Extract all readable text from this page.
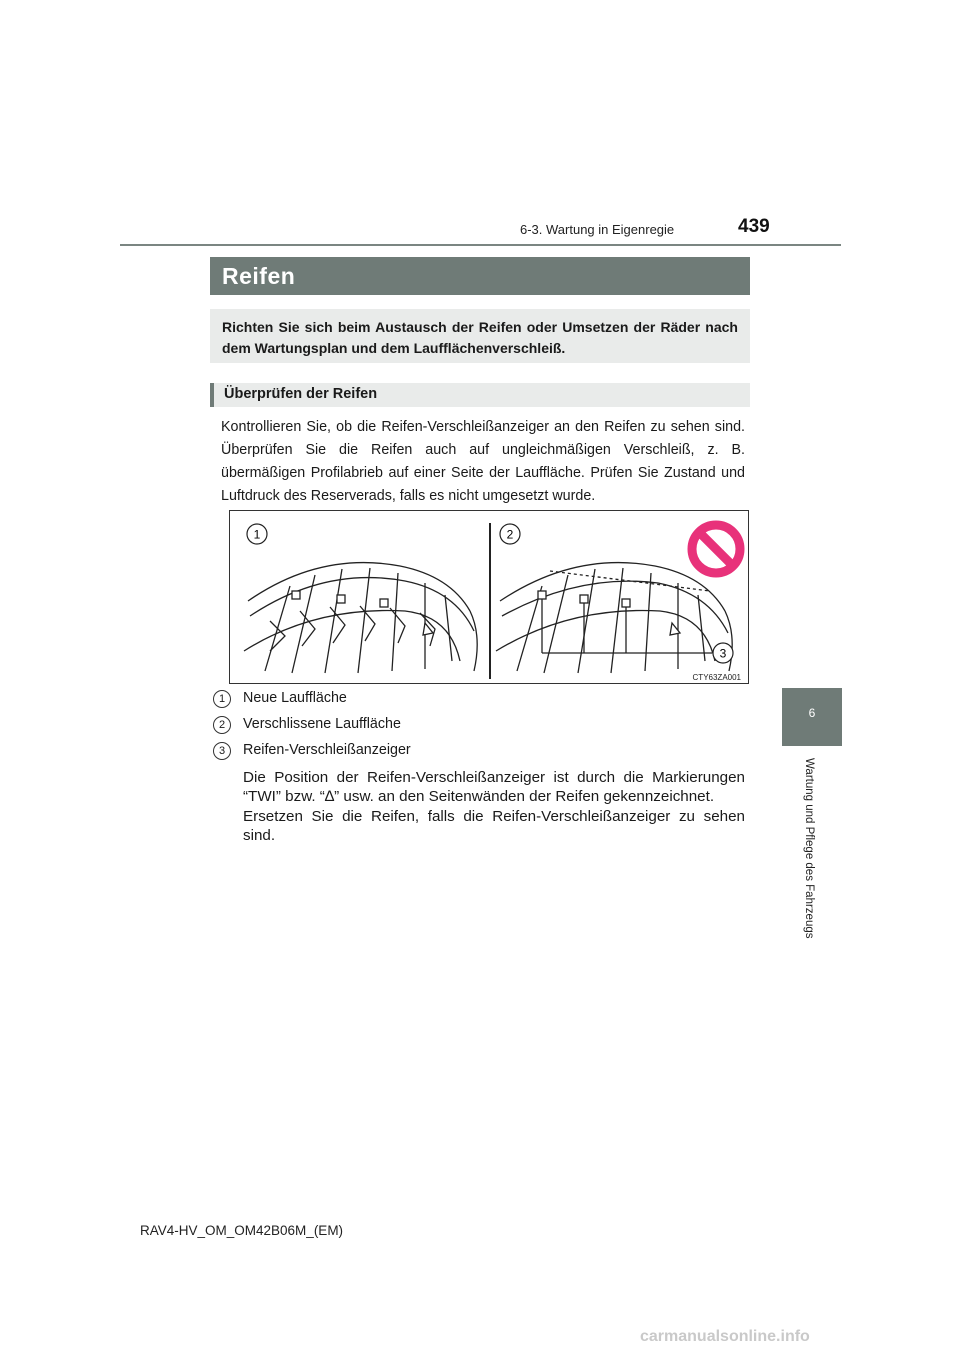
6-3. Wartung in Eigenregie	439
6
Wartung und Pflege des Fahrzeugs
Reifen

Richten Sie sich beim Austausch der Reifen oder Umsetzen der Räder nach dem Wartungsplan und dem Laufflächenverschleiß.

Überprüfen der Reifen

Kontrollieren Sie, ob die Reifen-Verschleißanzeiger an den Reifen zu sehen sind. Überprüfen Sie die Reifen auch auf ungleichmäßigen Verschleiß, z. B. übermäßigen Profilabrieb auf einer Seite der Lauffläche. Prüfen Sie Zustand und Luftdruck des Reserverads, falls es nicht umgesetzt wurde.

1	2
3
CTY63ZA001
1	Neue Lauffläche
2	Verschlissene Lauffläche
3	Reifen-Verschleißanzeiger

Die Position der Reifen-Verschleißanzeiger ist durch die Markierungen “TWI” bzw. “∆” usw. an den Seitenwänden der Reifen gekennzeichnet.

Ersetzen Sie die Reifen, falls die Reifen-Verschleißanzeiger zu sehen sind.

RAV4-HV_OM_OM42B06M_(EM)
carmanualsonline.info
